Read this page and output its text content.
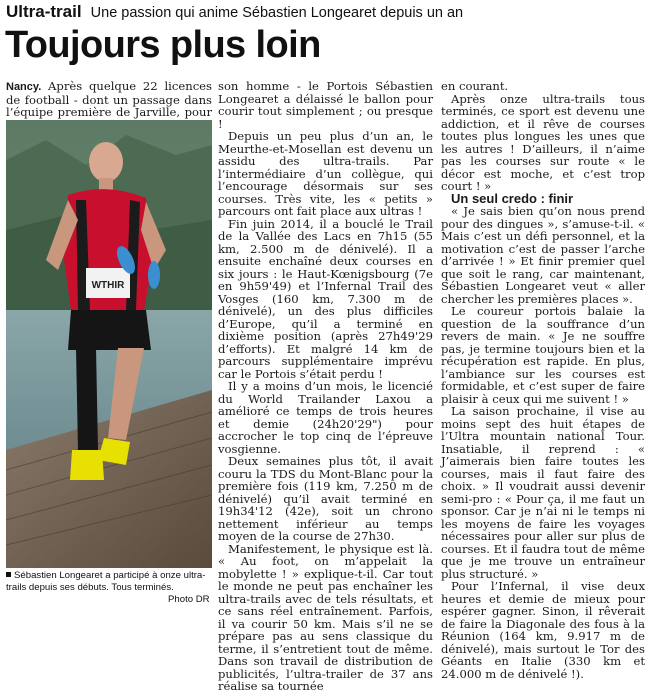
Ultra-trail Une passion qui anime Sébastien Longearet depuis un an
Toujours plus loin

Nancy. Après quelque 22 licences de football - dont un passage dans l’équipe première de Jarville, pour

WTHIR
Sébastien Longearet a participé à onze ultra-trails depuis ses débuts. Tous terminés.
Photo DR

son homme - le Portois Sébastien Longearet a délaissé le ballon pour courir tout simplement ; ou presque !

Depuis un peu plus d’un an, le Meurthe-et-Mosellan est devenu un assidu des ultra-trails. Par l’intermédiaire d’un collègue, qui l’encourage désormais sur ses courses. Très vite, les « petits » parcours ont fait place aux ultras !

Fin juin 2014, il a bouclé le Trail de la Vallée des Lacs en 7h15 (55 km, 2.500 m de dénivelé). Il a ensuite enchaîné deux courses en six jours : le Haut-Kœnigsbourg (7e en 9h59'49) et l’Infernal Trail des Vosges (160 km, 7.300 m de dénivelé), un des plus difficiles d’Europe, qu’il a terminé en dixième position (après 27h49'29 d’efforts). Et malgré 14 km de parcours supplémentaire imprévu car le Portois s’était perdu !

Il y a moins d’un mois, le licencié du World Trailander Laxou a amélioré ce temps de trois heures et demie (24h20'29") pour accrocher le top cinq de l’épreuve vosgienne.

Deux semaines plus tôt, il avait couru la TDS du Mont-Blanc pour la première fois (119 km, 7.250 m de dénivelé) qu’il avait terminé en 19h34'12 (42e), soit un chrono nettement inférieur au temps moyen de la course de 27h30.

Manifestement, le physique est là. « Au foot, on m’appelait la mobylette ! » explique-t-il. Car tout le monde ne peut pas enchaîner les ultra-trails avec de tels résultats, et ce sans réel entraînement. Parfois, il va courir 50 km. Mais s’il ne se prépare pas au sens classique du terme, il s’entretient tout de même. Dans son travail de distribution de publicités, l’ultra-trailer de 37 ans réalise sa tournée

en courant.

Après onze ultra-trails tous terminés, ce sport est devenu une addiction, et il rêve de courses toutes plus longues les unes que les autres ! D’ailleurs, il n’aime pas les courses sur route « le décor est moche, et c’est trop court ! »

Un seul credo : finir

« Je sais bien qu’on nous prend pour des dingues », s’amuse-t-il. « Mais c’est un défi personnel, et la motivation c’est de passer l’arche d’arrivée ! » Et finir premier quel que soit le rang, car maintenant, Sébastien Longearet veut « aller chercher les premières places ».

Le coureur portois balaie la question de la souffrance d’un revers de main. « Je ne souffre pas, je termine toujours bien et la récupération est rapide. En plus, l’ambiance sur les courses est formidable, et c’est super de faire plaisir à ceux qui me suivent ! »

La saison prochaine, il vise au moins sept des huit étapes de l’Ultra mountain national Tour. Insatiable, il reprend : « J’aimerais bien faire toutes les courses, mais il faut faire des choix. » Il voudrait aussi devenir semi-pro : « Pour ça, il me faut un sponsor. Car je n’ai ni le temps ni les moyens de faire les voyages nécessaires pour aller sur plus de courses. Et il faudra tout de même que je me trouve un entraîneur plus structuré. »

Pour l’Infernal, il vise deux heures et demie de mieux pour espérer gagner. Sinon, il rêverait de faire la Diagonale des fous à la Réunion (164 km, 9.917 m de dénivelé), mais surtout le Tor des Géants en Italie (330 km et 24.000 m de dénivelé !).
